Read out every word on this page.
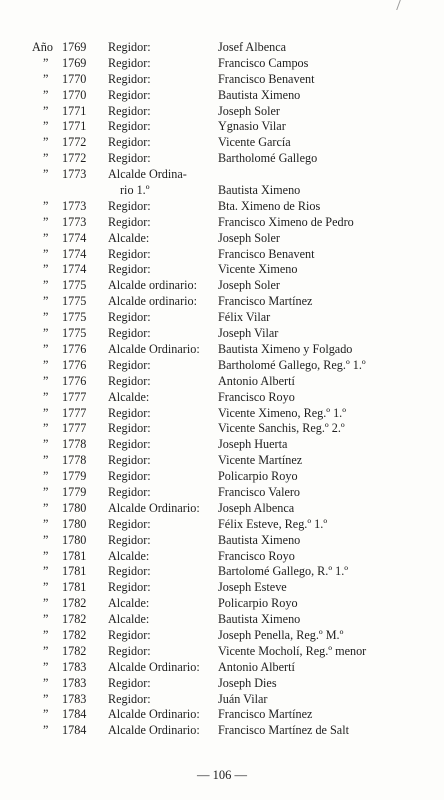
Año 1769 Regidor:	Josef Albenca
”	1769 Regidor:	Francisco Campos
”	1770 Regidor:	Francisco Benavent
”	1770 Regidor:	Bautista Ximeno
”	1771 Regidor:	Joseph Soler
”	1771 Regidor:	Ygnasio Vilar
”	1772 Regidor:	Vicente García
”	1772 Regidor:	Bartholomé Gallego
”	1773 Alcalde Ordina-
rio 1.º	Bautista Ximeno
”	1773 Regidor:	Bta. Ximeno de Rios
”	1773 Regidor:	Francisco Ximeno de Pedro
”	1774 Alcalde:	Joseph Soler
”	1774 Regidor:	Francisco Benavent
”	1774 Regidor:	Vicente Ximeno
”	1775 Alcalde ordinario: Joseph Soler
”	1775 Alcalde ordinario: Francisco Martínez
”	1775 Regidor:	Félix Vilar
”	1775 Regidor:	Joseph Vilar
”	1776 Alcalde Ordinario: Bautista Ximeno y Folgado
”	1776 Regidor:	Bartholomé Gallego, Reg.º 1.º
”	1776 Regidor:	Antonio Albertí
”	1777 Alcalde:	Francisco Royo
”	1777 Regidor:	Vicente Ximeno, Reg.º 1.º
”	1777 Regidor:	Vicente Sanchis, Reg.º 2.º
”	1778 Regidor:	Joseph Huerta
”	1778 Regidor:	Vicente Martínez
”	1779 Regidor:	Policarpio Royo
”	1779 Regidor:	Francisco Valero
”	1780 Alcalde Ordinario: Joseph Albenca
”	1780 Regidor:	Félix Esteve, Reg.º 1.º
”	1780 Regidor:	Bautista Ximeno
”	1781 Alcalde:	Francisco Royo
”	1781 Regidor:	Bartolomé Gallego, R.º 1.º
”	1781 Regidor:	Joseph Esteve
”	1782 Alcalde:	Policarpio Royo
”	1782 Alcalde:	Bautista Ximeno
”	1782 Regidor:	Joseph Penella, Reg.º M.º
”	1782 Regidor:	Vicente Mocholí, Reg.º menor
”	1783 Alcalde Ordinario: Antonio Albertí
”	1783 Regidor:	Joseph Dies
”	1783 Regidor:	Juán Vilar
”	1784 Alcalde Ordinario: Francisco Martínez
”	1784 Alcalde Ordinario: Francisco Martínez de Salt
— 106 —
